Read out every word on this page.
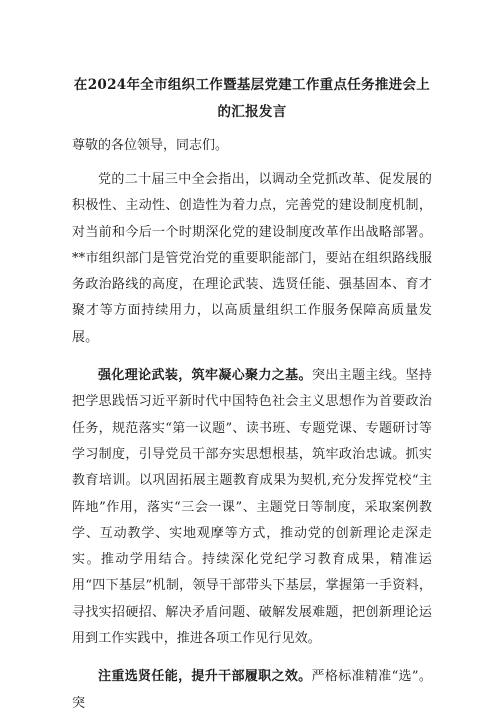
在2024年全市组织工作暨基层党建工作重点任务推进会上
的汇报发言
尊敬的各位领导，同志们。

党的二十届三中全会指出，以调动全党抓改革、促发展的积极性、主动性、创造性为着力点，完善党的建设制度机制，对当前和今后一个时期深化党的建设制度改革作出战略部署。**市组织部门是管党治党的重要职能部门，要站在组织路线服务政治路线的高度，在理论武装、选贤任能、强基固本、育才聚才等方面持续用力，以高质量组织工作服务保障高质量发展。

强化理论武装，筑牢凝心聚力之基。突出主题主线。坚持把学思践悟习近平新时代中国特色社会主义思想作为首要政治任务，规范落实“第一议题”、读书班、专题党课、专题研讨等学习制度，引导党员干部夯实思想根基，筑牢政治忠诚。抓实教育培训。以巩固拓展主题教育成果为契机,充分发挥党校“主阵地”作用，落实“三会一课”、主题党日等制度，采取案例教学、互动教学、实地观摩等方式，推动党的创新理论走深走实。推动学用结合。持续深化党纪学习教育成果，精准运用“四下基层”机制，领导干部带头下基层，掌握第一手资料，寻找实招硬招、解决矛盾问题、破解发展难题，把创新理论运用到工作实践中，推进各项工作见行见效。

注重选贤任能，提升干部履职之效。严格标准精准“选”。突
